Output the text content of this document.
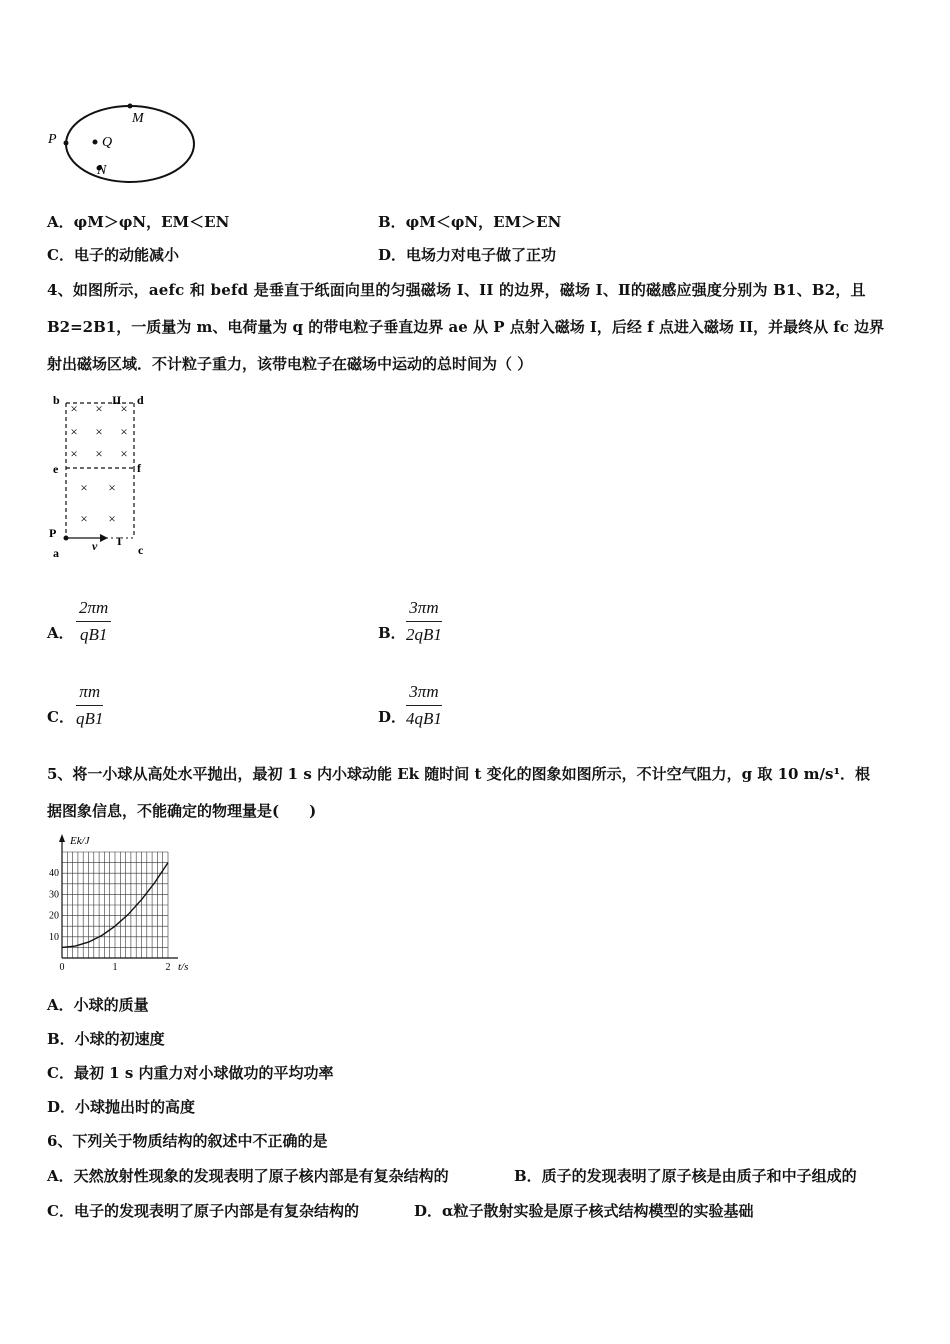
M
P	Q
N
A．φM＞φN，EM＜EN	B．φM＜φN，EM＞EN
C．电子的动能减小	D．电场力对电子做了正功
4、如图所示，aefc 和 befd 是垂直于纸面向里的匀强磁场 I、II 的边界，磁场 I、Ⅱ的磁感应强度分别为 B1、B2，且
B2=2B1，一质量为 m、电荷量为 q 的带电粒子垂直边界 ae 从 P 点射入磁场 I，后经 f 点进入磁场 II，并最终从 fc 边界
射出磁场区域．不计粒子重力，该带电粒子在磁场中运动的总时间为（ ）
× × ×
× × ×
× × ×
× ×
× ×
b	II d
e	f
P
v I
a	c
A．
2πm
qB1	B．
3πm
2qB1
C．
πm
qB1	D．
3πm
4qB1
5、将一小球从高处水平抛出，最初 1 s 内小球动能 Ek 随时间 t 变化的图象如图所示，不计空气阻力，g 取 10 m/s¹．根
据图象信息，不能确定的物理量是(　　)
0	1	2
10
20
30
40
Ek/J
t/s
A．小球的质量
B．小球的初速度
C．最初 1 s 内重力对小球做功的平均功率
D．小球抛出时的高度
6、下列关于物质结构的叙述中不正确的是
A．天然放射性现象的发现表明了原子核内部是有复杂结构的	B．质子的发现表明了原子核是由质子和中子组成的
C．电子的发现表明了原子内部是有复杂结构的	D．α粒子散射实验是原子核式结构模型的实验基础
